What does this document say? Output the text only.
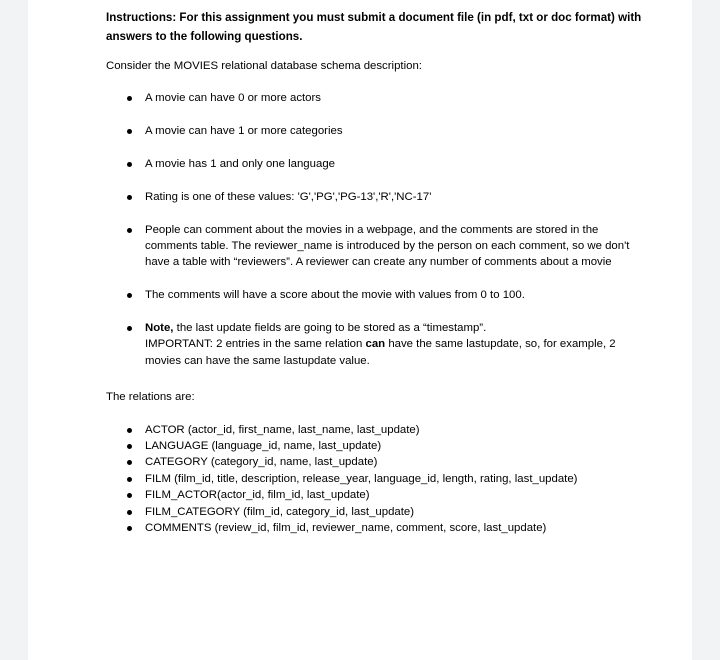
Instructions: For this assignment you must submit a document file (in pdf, txt or doc format) with answers to the following questions.

Consider the MOVIES relational database schema description:

A movie can have 0 or more actors
A movie can have 1 or more categories
A movie has 1 and only one language
Rating is one of these values: 'G','PG','PG-13','R','NC-17'
People can comment about the movies in a webpage, and the comments are stored in the comments table. The reviewer_name is introduced by the person on each comment, so we don't have a table with “reviewers”. A reviewer can create any number of comments about a movie
The comments will have a score about the movie with values from 0 to 100.
Note, the last update fields are going to be stored as a “timestamp”.
IMPORTANT: 2 entries in the same relation can have the same lastupdate, so, for example, 2 movies can have the same lastupdate value.

The relations are:

ACTOR (actor_id, first_name, last_name, last_update)
LANGUAGE (language_id, name, last_update)
CATEGORY (category_id, name, last_update)
FILM (film_id, title, description, release_year, language_id, length, rating, last_update)
FILM_ACTOR(actor_id, film_id, last_update)
FILM_CATEGORY (film_id, category_id, last_update)
COMMENTS (review_id, film_id, reviewer_name, comment, score, last_update)
